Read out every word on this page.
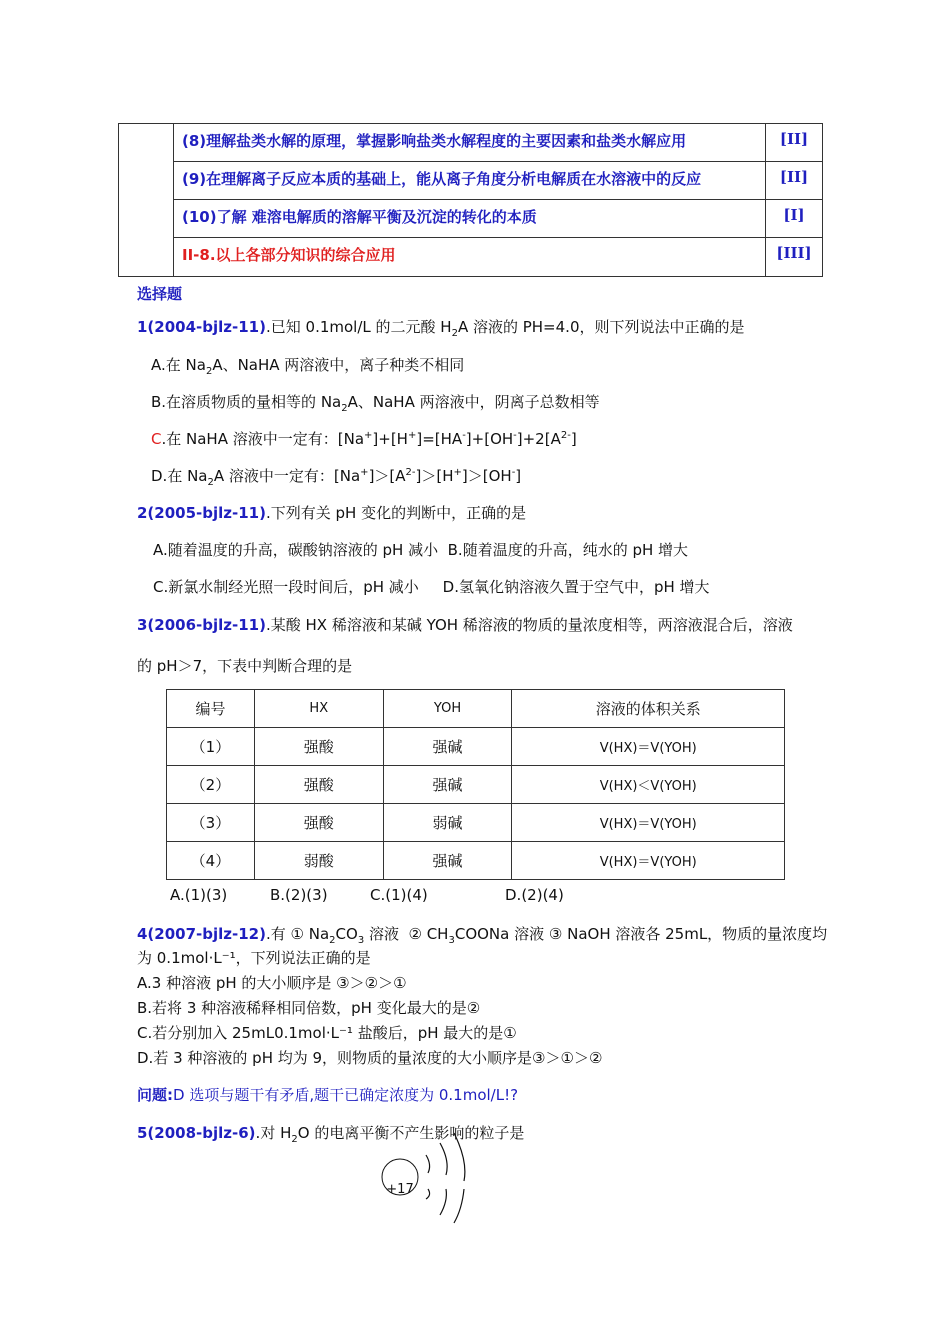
(8)理解盐类水解的原理，掌握影响盐类水解程度的主要因素和盐类水解应用	[II]
(9)在理解离子反应本质的基础上，能从离子角度分析电解质在水溶液中的反应	[II]
(10)了解 难溶电解质的溶解平衡及沉淀的转化的本质	[I]
II-8.以上各部分知识的综合应用	[III]
选择题
1(2004-bjlz-11).已知 0.1mol/L 的二元酸 $H_2A$ 溶液的 PH=4.0，则下列说法中正确的是
A.在 $Na_2A$、NaHA 两溶液中，离子种类不相同
B.在溶质物质的量相等的 $Na_2A$、NaHA 两溶液中，阴离子总数相等
C.在 NaHA 溶液中一定有：$[Na^+]+[H^+]=[HA^-]+[OH^-]+2[A^{2-}]$
D.在 $Na_2A$ 溶液中一定有：$[Na^+]>[A^{2-}]>[H^+]>[OH^-]$
2(2005-bjlz-11).下列有关 pH 变化的判断中，正确的是
A.随着温度的升高，碳酸钠溶液的 pH 减小  B.随着温度的升高，纯水的 pH 增大
C.新氯水制经光照一段时间后，pH 减小     D.氢氧化钠溶液久置于空气中，pH 增大
3(2006-bjlz-11).某酸 HX 稀溶液和某碱 YOH 稀溶液的物质的量浓度相等，两溶液混合后，溶液
的 pH＞7，下表中判断合理的是
编号	HX	YOH	溶液的体积关系
（1）	强酸	强碱	V(HX)＝V(YOH)
（2）	强酸	强碱	V(HX)＜V(YOH)
（3）	强酸	弱碱	V(HX)＝V(YOH)
（4）	弱酸	强碱	V(HX)＝V(YOH)
A.(1)(3)	B.(2)(3)	C.(1)(4)	D.(2)(4)
4(2007-bjlz-12).有 ① $Na_2CO_3$ 溶液  ② $CH_3COONa$ 溶液 ③ NaOH 溶液各 25mL，物质的量浓度均
为 0.1mol·L⁻¹，下列说法正确的是
A.3 种溶液 pH 的大小顺序是 ③＞②＞①
B.若将 3 种溶液稀释相同倍数，pH 变化最大的是②
C.若分别加入 25mL0.1mol·L⁻¹ 盐酸后，pH 最大的是①
D.若 3 种溶液的 pH 均为 9，则物质的量浓度的大小顺序是③＞①＞②
问题:D 选项与题干有矛盾,题干已确定浓度为 0.1mol/L!?
5(2008-bjlz-6).对 $H_2O$ 的电离平衡不产生影响的粒子是
+17
